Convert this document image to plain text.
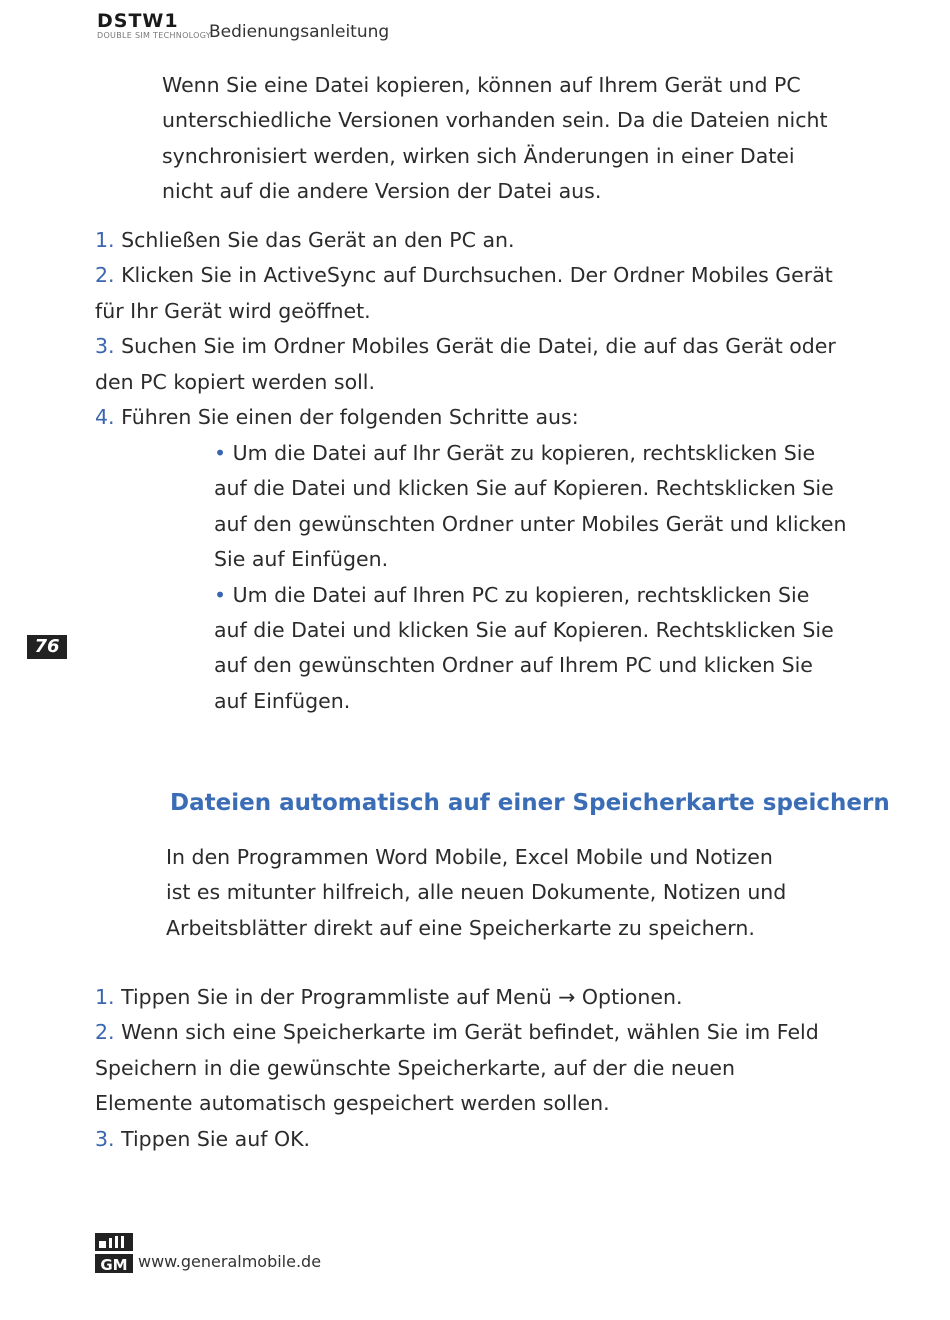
DSTW1
DOUBLE SIM TECHNOLOGY
Bedienungsanleitung

Wenn Sie eine Datei kopieren, können auf Ihrem Gerät und PC

unterschiedliche Versionen vorhanden sein. Da die Dateien nicht

synchronisiert werden, wirken sich Änderungen in einer Datei

nicht auf die andere Version der Datei aus.

1. Schließen Sie das Gerät an den PC an.

2. Klicken Sie in ActiveSync auf Durchsuchen. Der Ordner Mobiles Gerät

für Ihr Gerät wird geöffnet.

3. Suchen Sie im Ordner Mobiles Gerät die Datei, die auf das Gerät oder

den PC kopiert werden soll.

4. Führen Sie einen der folgenden Schritte aus:

• Um die Datei auf Ihr Gerät zu kopieren, rechtsklicken Sie

auf die Datei und klicken Sie auf Kopieren. Rechtsklicken Sie

auf den gewünschten Ordner unter Mobiles Gerät und klicken

Sie auf Einfügen.

• Um die Datei auf Ihren PC zu kopieren, rechtsklicken Sie

auf die Datei und klicken Sie auf Kopieren. Rechtsklicken Sie

auf den gewünschten Ordner auf Ihrem PC und klicken Sie

auf Einfügen.

76
Dateien automatisch auf einer Speicherkarte speichern

In den Programmen Word Mobile, Excel Mobile und Notizen

ist es mitunter hilfreich, alle neuen Dokumente, Notizen und

Arbeitsblätter direkt auf eine Speicherkarte zu speichern.

1. Tippen Sie in der Programmliste auf Menü → Optionen.

2. Wenn sich eine Speicherkarte im Gerät befindet, wählen Sie im Feld

Speichern in die gewünschte Speicherkarte, auf der die neuen

Elemente automatisch gespeichert werden sollen.

3. Tippen Sie auf OK.

GM www.generalmobile.de
